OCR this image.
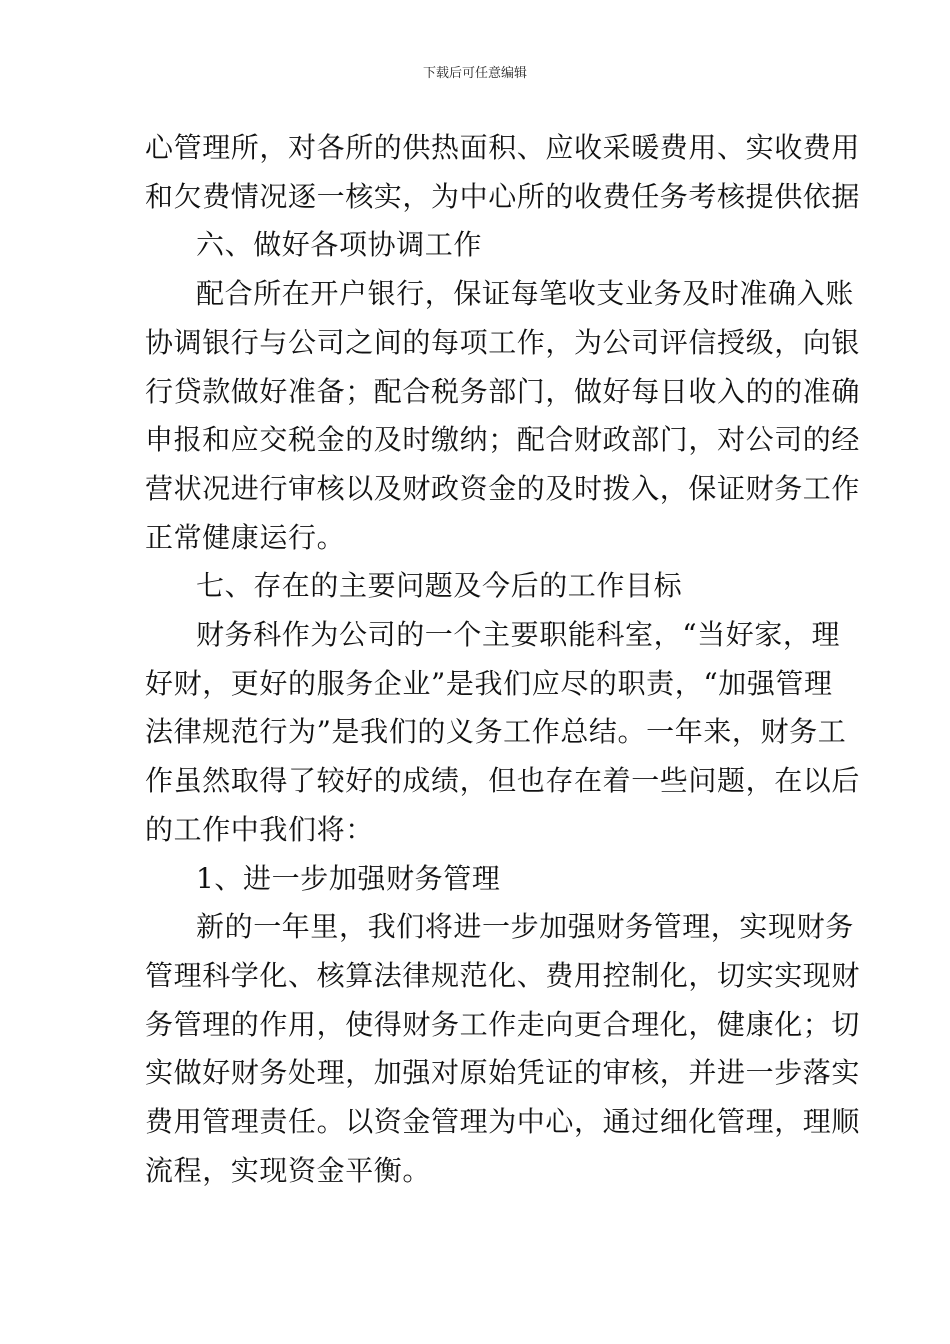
下载后可任意编辑
心管理所，对各所的供热面积、应收采暖费用、实收费用
和欠费情况逐一核实，为中心所的收费任务考核提供依据
六、做好各项协调工作
配合所在开户银行，保证每笔收支业务及时准确入账
协调银行与公司之间的每项工作，为公司评信授级，向银
行贷款做好准备；配合税务部门，做好每日收入的的准确
申报和应交税金的及时缴纳；配合财政部门，对公司的经
营状况进行审核以及财政资金的及时拨入，保证财务工作
正常健康运行。
七、存在的主要问题及今后的工作目标
财务科作为公司的一个主要职能科室，“当好家，理
好财，更好的服务企业”是我们应尽的职责，“加强管理
法律规范行为”是我们的义务工作总结。一年来，财务工
作虽然取得了较好的成绩，但也存在着一些问题，在以后
的工作中我们将：
1、进一步加强财务管理
新的一年里，我们将进一步加强财务管理，实现财务
管理科学化、核算法律规范化、费用控制化，切实实现财
务管理的作用，使得财务工作走向更合理化，健康化；切
实做好财务处理，加强对原始凭证的审核，并进一步落实
费用管理责任。以资金管理为中心，通过细化管理，理顺
流程，实现资金平衡。
